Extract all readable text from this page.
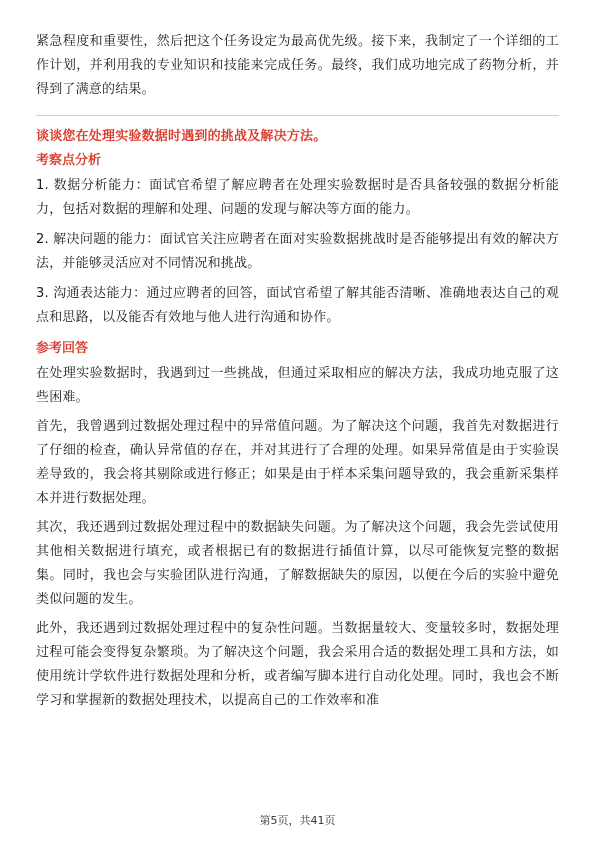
紧急程度和重要性，然后把这个任务设定为最高优先级。接下来，我制定了一个详细的工作计划，并利用我的专业知识和技能来完成任务。最终，我们成功地完成了药物分析，并得到了满意的结果。

谈谈您在处理实验数据时遇到的挑战及解决方法。

考察点分析

1. 数据分析能力：面试官希望了解应聘者在处理实验数据时是否具备较强的数据分析能力，包括对数据的理解和处理、问题的发现与解决等方面的能力。

2. 解决问题的能力：面试官关注应聘者在面对实验数据挑战时是否能够提出有效的解决方法，并能够灵活应对不同情况和挑战。

3. 沟通表达能力：通过应聘者的回答，面试官希望了解其能否清晰、准确地表达自己的观点和思路，以及能否有效地与他人进行沟通和协作。

参考回答

在处理实验数据时，我遇到过一些挑战，但通过采取相应的解决方法，我成功地克服了这些困难。

首先，我曾遇到过数据处理过程中的异常值问题。为了解决这个问题，我首先对数据进行了仔细的检查，确认异常值的存在，并对其进行了合理的处理。如果异常值是由于实验误差导致的，我会将其剔除或进行修正；如果是由于样本采集问题导致的，我会重新采集样本并进行数据处理。

其次，我还遇到过数据处理过程中的数据缺失问题。为了解决这个问题，我会先尝试使用其他相关数据进行填充，或者根据已有的数据进行插值计算，以尽可能恢复完整的数据集。同时，我也会与实验团队进行沟通，了解数据缺失的原因，以便在今后的实验中避免类似问题的发生。

此外，我还遇到过数据处理过程中的复杂性问题。当数据量较大、变量较多时，数据处理过程可能会变得复杂繁琐。为了解决这个问题，我会采用合适的数据处理工具和方法，如使用统计学软件进行数据处理和分析，或者编写脚本进行自动化处理。同时，我也会不断学习和掌握新的数据处理技术，以提高自己的工作效率和准

第5页，共41页
